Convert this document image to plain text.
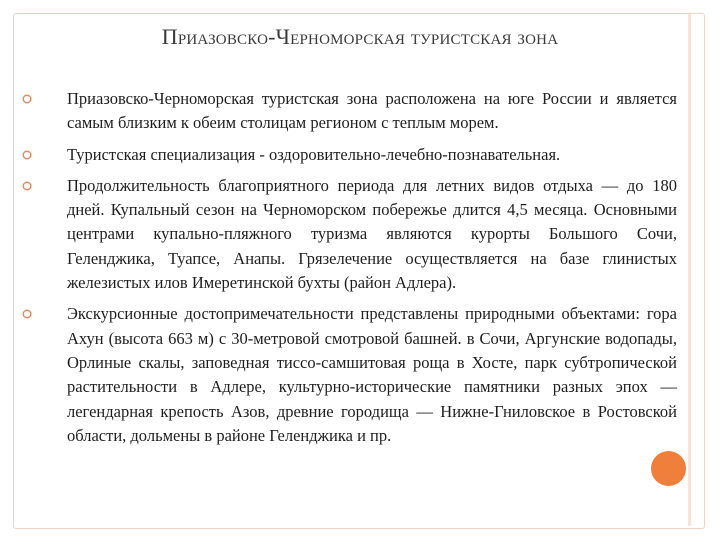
Приазовско-Черноморская туристская зона
Приазовско-Черноморская туристская зона расположена на юге России и является самым близким к обеим столицам регионом с теплым морем.
Туристская специализация - оздоровительно-лечебно-познавательная.
Продолжительность благоприятного периода для летних видов отдыха — до 180 дней. Купальный сезон на Черноморском побережье длится 4,5 месяца. Основными центрами купально-пляжного туризма являются курорты Большого Сочи, Геленджика, Туапсе, Анапы. Грязелечение осуществляется на базе глинистых железистых илов Имеретинской бухты (район Адлера).
Экскурсионные достопримечательности представлены природными объектами: гора Ахун (высота 663 м) с 30-метровой смотровой башней. в Сочи, Аргунские водопады, Орлиные скалы, заповедная тиссо-самшитовая роща в Хосте, парк субтропической растительности в Адлере, культурно-исторические памятники разных эпох — легендарная крепость Азов, древние городища — Нижне-Гниловское в Ростовской области, дольмены в районе Геленджика и пр.
